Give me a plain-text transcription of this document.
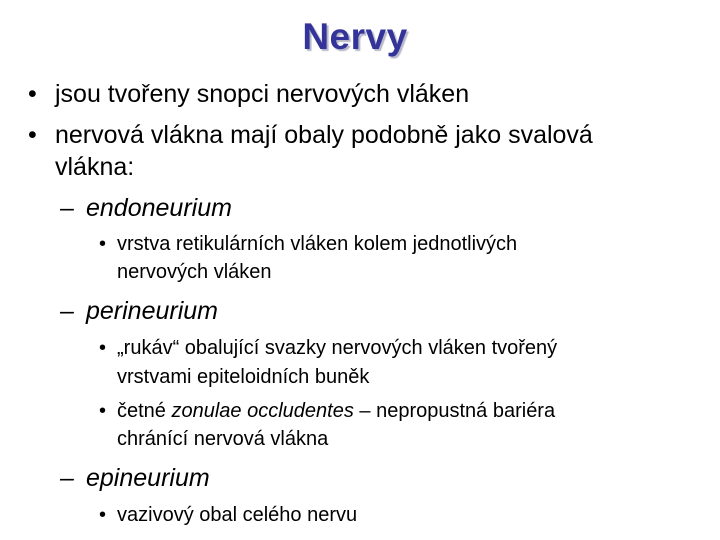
Nervy
• jsou tvořeny snopci nervových vláken
• nervová vlákna mají obaly podobně jako svalová
vlákna:
– endoneurium
• vrstva retikulárních vláken kolem jednotlivých
nervových vláken
– perineurium
• „rukáv“ obalující svazky nervových vláken tvořený
vrstvami epiteloidních buněk
• četné zonulae occludentes – nepropustná bariéra
chránící nervová vlákna
– epineurium
• vazivový obal celého nervu
